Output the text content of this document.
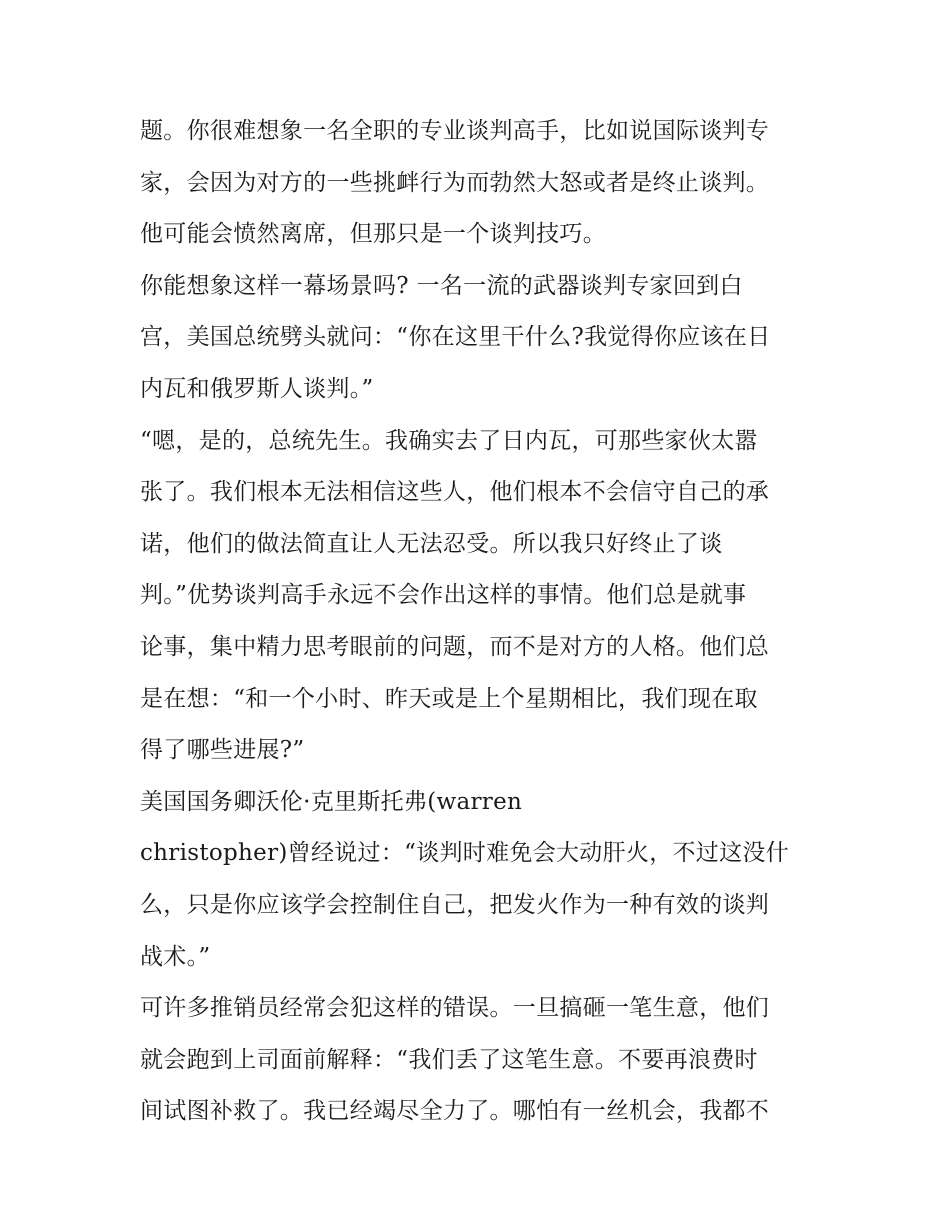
题。你很难想象一名全职的专业谈判高手，比如说国际谈判专
家，会因为对方的一些挑衅行为而勃然大怒或者是终止谈判。
他可能会愤然离席，但那只是一个谈判技巧。
你能想象这样一幕场景吗? 一名一流的武器谈判专家回到白
宫，美国总统劈头就问：“你在这里干什么?我觉得你应该在日
内瓦和俄罗斯人谈判。”
“嗯，是的，总统先生。我确实去了日内瓦，可那些家伙太嚣
张了。我们根本无法相信这些人，他们根本不会信守自己的承
诺，他们的做法简直让人无法忍受。所以我只好终止了谈
判。”优势谈判高手永远不会作出这样的事情。他们总是就事
论事，集中精力思考眼前的问题，而不是对方的人格。他们总
是在想：“和一个小时、昨天或是上个星期相比，我们现在取
得了哪些进展?”
美国国务卿沃伦·克里斯托弗(warren
christopher)曾经说过：“谈判时难免会大动肝火，不过这没什
么，只是你应该学会控制住自己，把发火作为一种有效的谈判
战术。”
可许多推销员经常会犯这样的错误。一旦搞砸一笔生意，他们
就会跑到上司面前解释：“我们丢了这笔生意。不要再浪费时
间试图补救了。我已经竭尽全力了。哪怕有一丝机会，我都不
